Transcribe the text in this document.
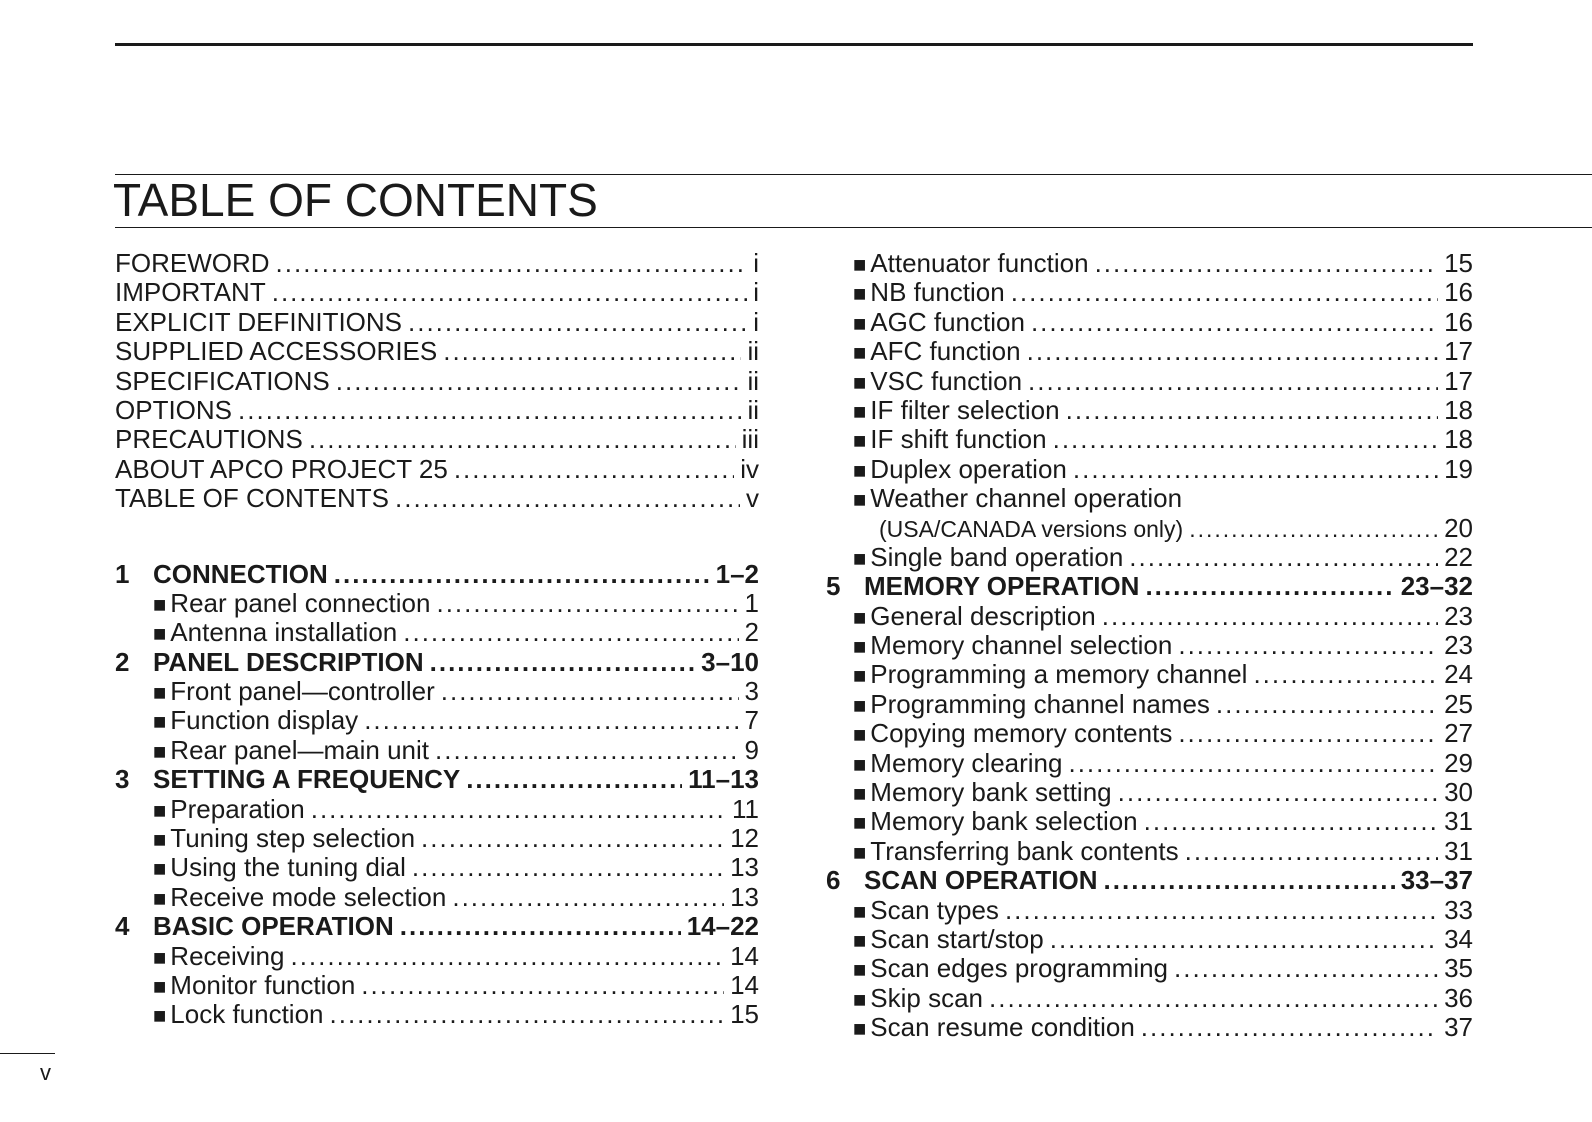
TABLE OF CONTENTS
FOREWORD .....	i
IMPORTANT .....	i
EXPLICIT DEFINITIONS .....	i
SUPPLIED ACCESSORIES .....	ii
SPECIFICATIONS .....	ii
OPTIONS .....	ii
PRECAUTIONS .....	iii
ABOUT APCO PROJECT 25 .....	iv
TABLE OF CONTENTS .....	v
1 CONNECTION .....	1–2
■ Rear panel connection .....	1
■ Antenna installation .....	2
2 PANEL DESCRIPTION .....	3–10
■ Front panel—controller .....	3
■ Function display .....	7
■ Rear panel—main unit .....	9
3 SETTING A FREQUENCY .....	11–13
■ Preparation .....	11
■ Tuning step selection .....	12
■ Using the tuning dial .....	13
■ Receive mode selection .....	13
4 BASIC OPERATION .....	14–22
■ Receiving .....	14
■ Monitor function .....	14
■ Lock function .....	15
■ Attenuator function .....	15
■ NB function .....	16
■ AGC function .....	16
■ AFC function .....	17
■ VSC function .....	17
■ IF filter selection .....	18
■ IF shift function .....	18
■ Duplex operation .....	19
■ Weather channel operation
(USA/CANADA versions only) .....	20
■ Single band operation .....	22
5 MEMORY OPERATION .....	23–32
■ General description .....	23
■ Memory channel selection .....	23
■ Programming a memory channel .....	24
■ Programming channel names .....	25
■ Copying memory contents .....	27
■ Memory clearing .....	29
■ Memory bank setting .....	30
■ Memory bank selection .....	31
■ Transferring bank contents .....	31
6 SCAN OPERATION .....	33–37
■ Scan types .....	33
■ Scan start/stop .....	34
■ Scan edges programming .....	35
■ Skip scan .....	36
■ Scan resume condition .....	37
v
